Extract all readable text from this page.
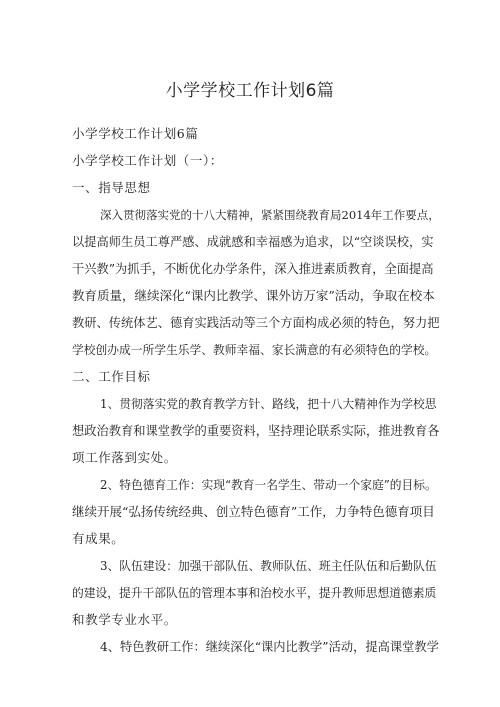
小学学校工作计划6篇
小学学校工作计划6篇
小学学校工作计划（一）：
一、指导思想
深入贯彻落实党的十八大精神，紧紧围绕教育局2014年工作要点，
以提高师生员工尊严感、成就感和幸福感为追求，以“空谈误校，实
干兴教”为抓手，不断优化办学条件，深入推进素质教育，全面提高
教育质量，继续深化“课内比教学、课外访万家”活动，争取在校本
教研、传统体艺、德育实践活动等三个方面构成必须的特色，努力把
学校创办成一所学生乐学、教师幸福、家长满意的有必须特色的学校。
二、工作目标
1、贯彻落实党的教育教学方针、路线，把十八大精神作为学校思
想政治教育和课堂教学的重要资料，坚持理论联系实际，推进教育各
项工作落到实处。
2、特色德育工作：实现“教育一名学生、带动一个家庭”的目标。
继续开展“弘扬传统经典、创立特色德育”工作，力争特色德育项目
有成果。
3、队伍建设：加强干部队伍、教师队伍、班主任队伍和后勤队伍
的建设，提升干部队伍的管理本事和治校水平，提升教师思想道德素质
和教学专业水平。
4、特色教研工作：继续深化“课内比教学”活动，提高课堂教学
